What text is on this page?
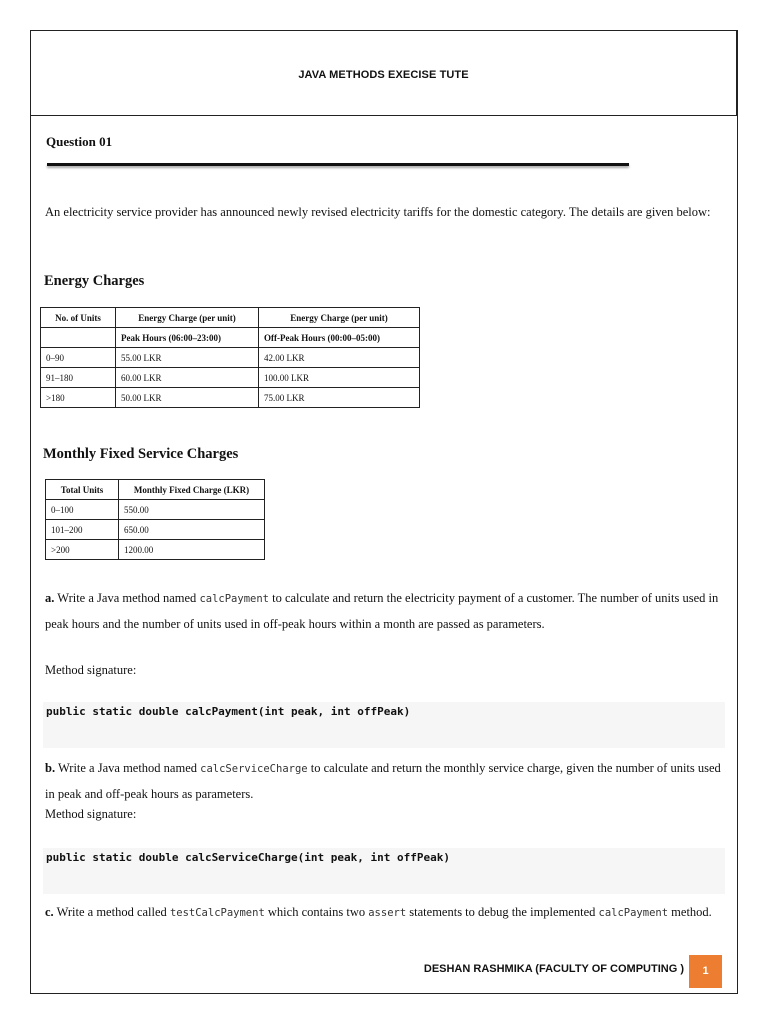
JAVA METHODS EXECISE TUTE
Question 01
An electricity service provider has announced newly revised electricity tariffs for the domestic category. The details are given below:
Energy Charges
No. of Units	Energy Charge (per unit)	Energy Charge (per unit)
	Peak Hours (06:00–23:00)	Off-Peak Hours (00:00–05:00)
0–90	55.00 LKR	42.00 LKR
91–180	60.00 LKR	100.00 LKR
>180	50.00 LKR	75.00 LKR
Monthly Fixed Service Charges
Total Units	Monthly Fixed Charge (LKR)
0–100	550.00
101–200	650.00
>200	1200.00
a. Write a Java method named calcPayment to calculate and return the electricity payment of a customer. The number of units used in peak hours and the number of units used in off-peak hours within a month are passed as parameters.
Method signature:
public static double calcPayment(int peak, int offPeak)
b. Write a Java method named calcServiceCharge to calculate and return the monthly service charge, given the number of units used in peak and off-peak hours as parameters.
Method signature:
public static double calcServiceCharge(int peak, int offPeak)
c. Write a method called testCalcPayment which contains two assert statements to debug the implemented calcPayment method.
DESHAN RASHMIKA (FACULTY OF COMPUTING )	1
